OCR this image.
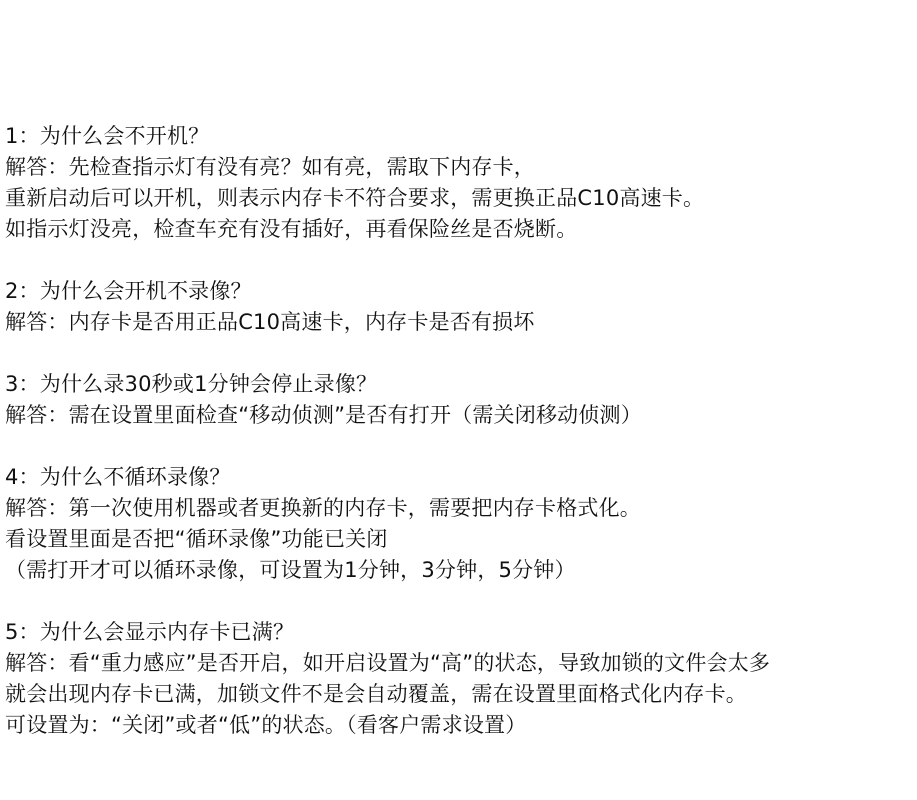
1：为什么会不开机？
解答：先检查指示灯有没有亮？如有亮，需取下内存卡，
重新启动后可以开机，则表示内存卡不符合要求，需更换正品C10高速卡。
如指示灯没亮，检查车充有没有插好，再看保险丝是否烧断。
2：为什么会开机不录像？
解答：内存卡是否用正品C10高速卡，内存卡是否有损坏
3：为什么录30秒或1分钟会停止录像？
解答：需在设置里面检查“移动侦测”是否有打开（需关闭移动侦测）
4：为什么不循环录像？
解答：第一次使用机器或者更换新的内存卡，需要把内存卡格式化。
看设置里面是否把“循环录像”功能已关闭
（需打开才可以循环录像，可设置为1分钟，3分钟，5分钟）
5：为什么会显示内存卡已满？
解答：看“重力感应”是否开启，如开启设置为“高”的状态，导致加锁的文件会太多
就会出现内存卡已满，加锁文件不是会自动覆盖，需在设置里面格式化内存卡。
可设置为：“关闭”或者“低”的状态。（看客户需求设置）
